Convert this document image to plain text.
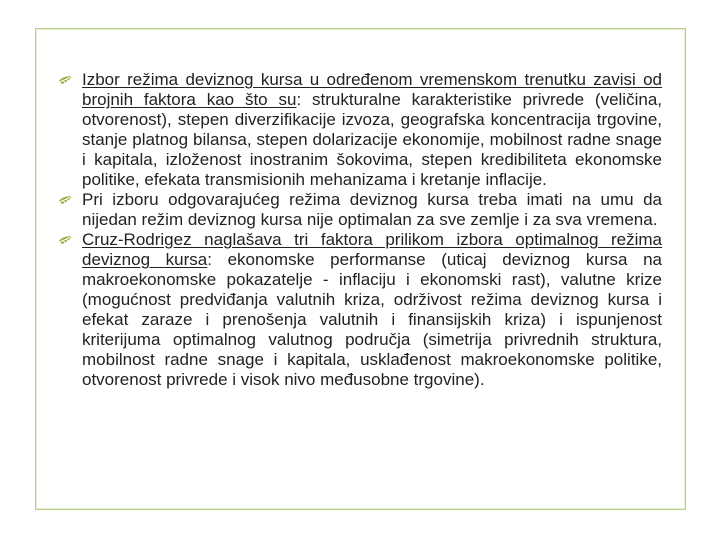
Izbor režima deviznog kursa u određenom vremenskom trenutku zavisi od brojnih faktora kao što su: strukturalne karakteristike privrede (veličina, otvorenost), stepen diverzifikacije izvoza, geografska koncentracija trgovine, stanje platnog bilansa, stepen dolarizacije ekonomije, mobilnost radne snage i kapitala, izloženost inostranim šokovima, stepen kredibiliteta ekonomske politike, efekata transmisionih mehanizama i kretanje inflacije.

Pri izboru odgovarajućeg režima deviznog kursa treba imati na umu da nijedan režim deviznog kursa nije optimalan za sve zemlje i za sva vremena.

Cruz-Rodrigez naglašava tri faktora prilikom izbora optimalnog režima deviznog kursa: ekonomske performanse (uticaj deviznog kursa na makroekonomske pokazatelje - inflaciju i ekonomski rast), valutne krize (mogućnost predviđanja valutnih kriza, održivost režima deviznog kursa i efekat zaraze i prenošenja valutnih i finansijskih kriza) i ispunjenost kriterijuma optimalnog valutnog područja (simetrija privrednih struktura, mobilnost radne snage i kapitala, usklađenost makroekonomske politike, otvorenost privrede i visok nivo međusobne trgovine).
